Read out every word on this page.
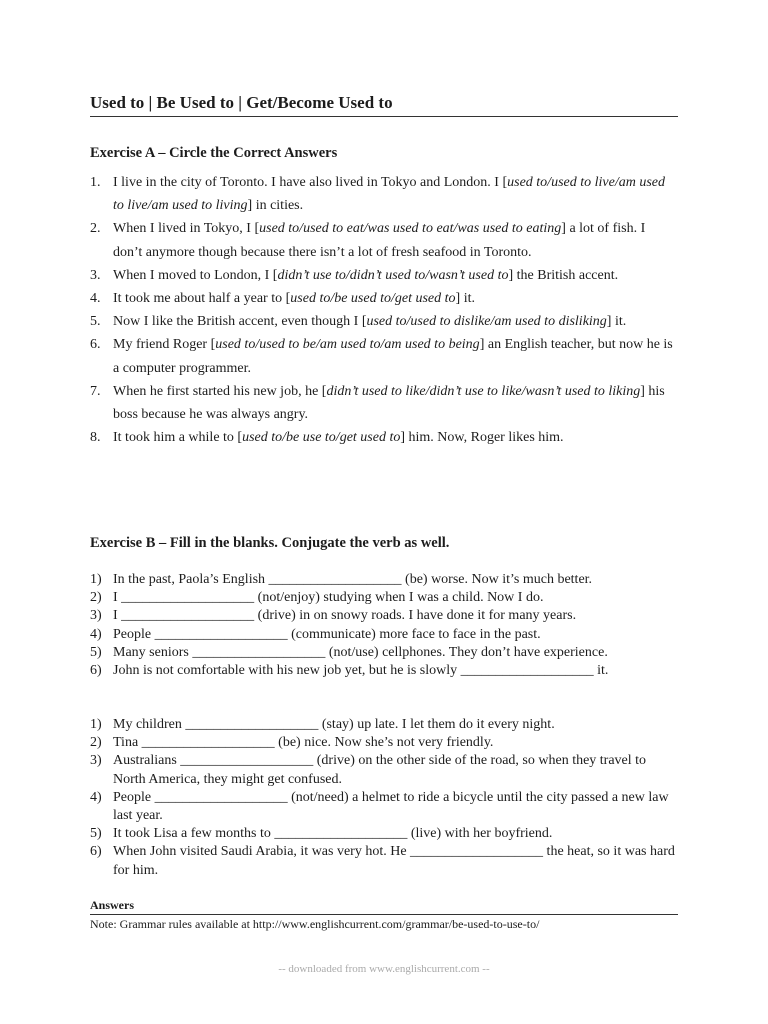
Used to | Be Used to | Get/Become Used to
Exercise A – Circle the Correct Answers
1. I live in the city of Toronto. I have also lived in Tokyo and London. I [used to/used to live/am used to live/am used to living] in cities.
2. When I lived in Tokyo, I [used to/used to eat/was used to eat/was used to eating] a lot of fish. I don’t anymore though because there isn’t a lot of fresh seafood in Toronto.
3. When I moved to London, I [didn’t use to/didn’t used to/wasn’t used to] the British accent.
4. It took me about half a year to [used to/be used to/get used to] it.
5. Now I like the British accent, even though I [used to/used to dislike/am used to disliking] it.
6. My friend Roger [used to/used to be/am used to/am used to being] an English teacher, but now he is a computer programmer.
7. When he first started his new job, he [didn’t used to like/didn’t use to like/wasn’t used to liking] his boss because he was always angry.
8. It took him a while to [used to/be use to/get used to] him. Now, Roger likes him.
Exercise B – Fill in the blanks. Conjugate the verb as well.
1) In the past, Paola’s English ___________________ (be) worse. Now it’s much better.
2) I ___________________ (not/enjoy) studying when I was a child. Now I do.
3) I ___________________ (drive) in on snowy roads. I have done it for many years.
4) People ___________________ (communicate) more face to face in the past.
5) Many seniors ___________________ (not/use) cellphones. They don’t have experience.
6) John is not comfortable with his new job yet, but he is slowly ___________________ it.
1) My children ___________________ (stay) up late. I let them do it every night.
2) Tina ___________________ (be) nice. Now she’s not very friendly.
3) Australians ___________________ (drive) on the other side of the road, so when they travel to North America, they might get confused.
4) People ___________________ (not/need) a helmet to ride a bicycle until the city passed a new law last year.
5) It took Lisa a few months to ___________________ (live) with her boyfriend.
6) When John visited Saudi Arabia, it was very hot. He ___________________ the heat, so it was hard for him.
Answers
Note: Grammar rules available at http://www.englishcurrent.com/grammar/be-used-to-use-to/
-- downloaded from www.englishcurrent.com --
